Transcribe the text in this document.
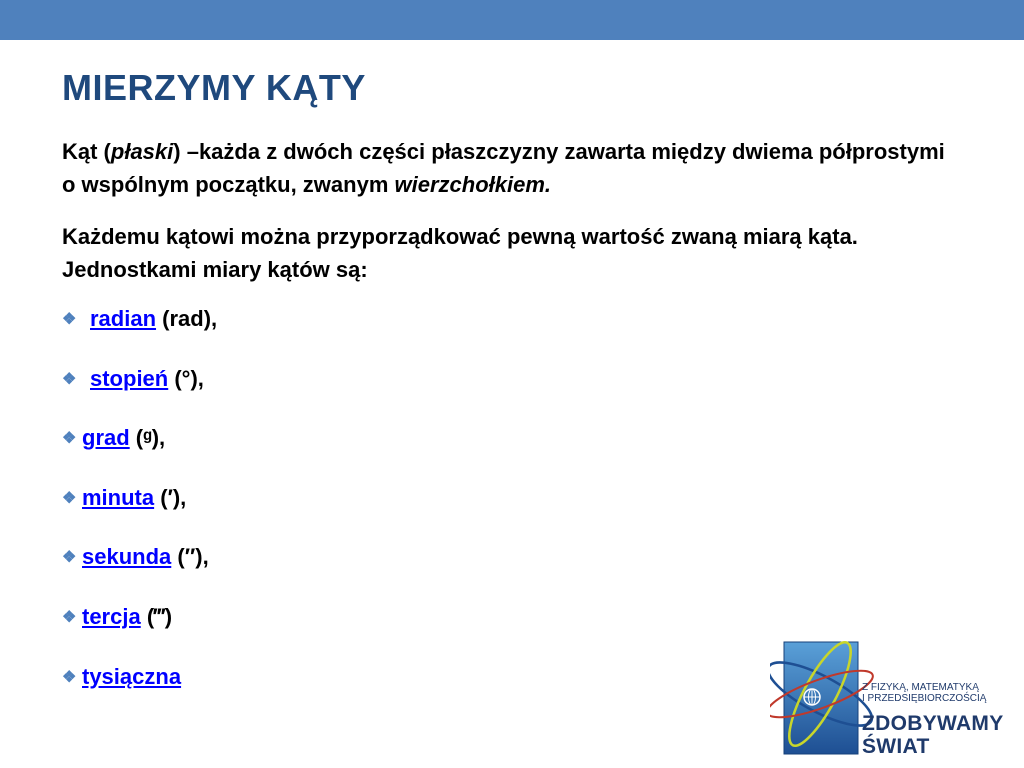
MIERZYMY KĄTY

Kąt (płaski) –każda z dwóch części płaszczyzny zawarta między dwiema półprostymi o wspólnym początku, zwanym wierzchołkiem.

Każdemu kątowi można przyporządkować pewną wartość zwaną miarą kąta. Jednostkami miary kątów są:

❖ radian (rad),
❖ stopień (°),
❖ grad (ᵍ),
❖ minuta (′),
❖ sekunda (″),
❖ tercja (‴)
❖ tysiączna	Z FIZYKĄ, MATEMATYKĄ
I PRZEDSIĘBIORCZOŚCIĄ

ZDOBYWAMY
ŚWIAT
